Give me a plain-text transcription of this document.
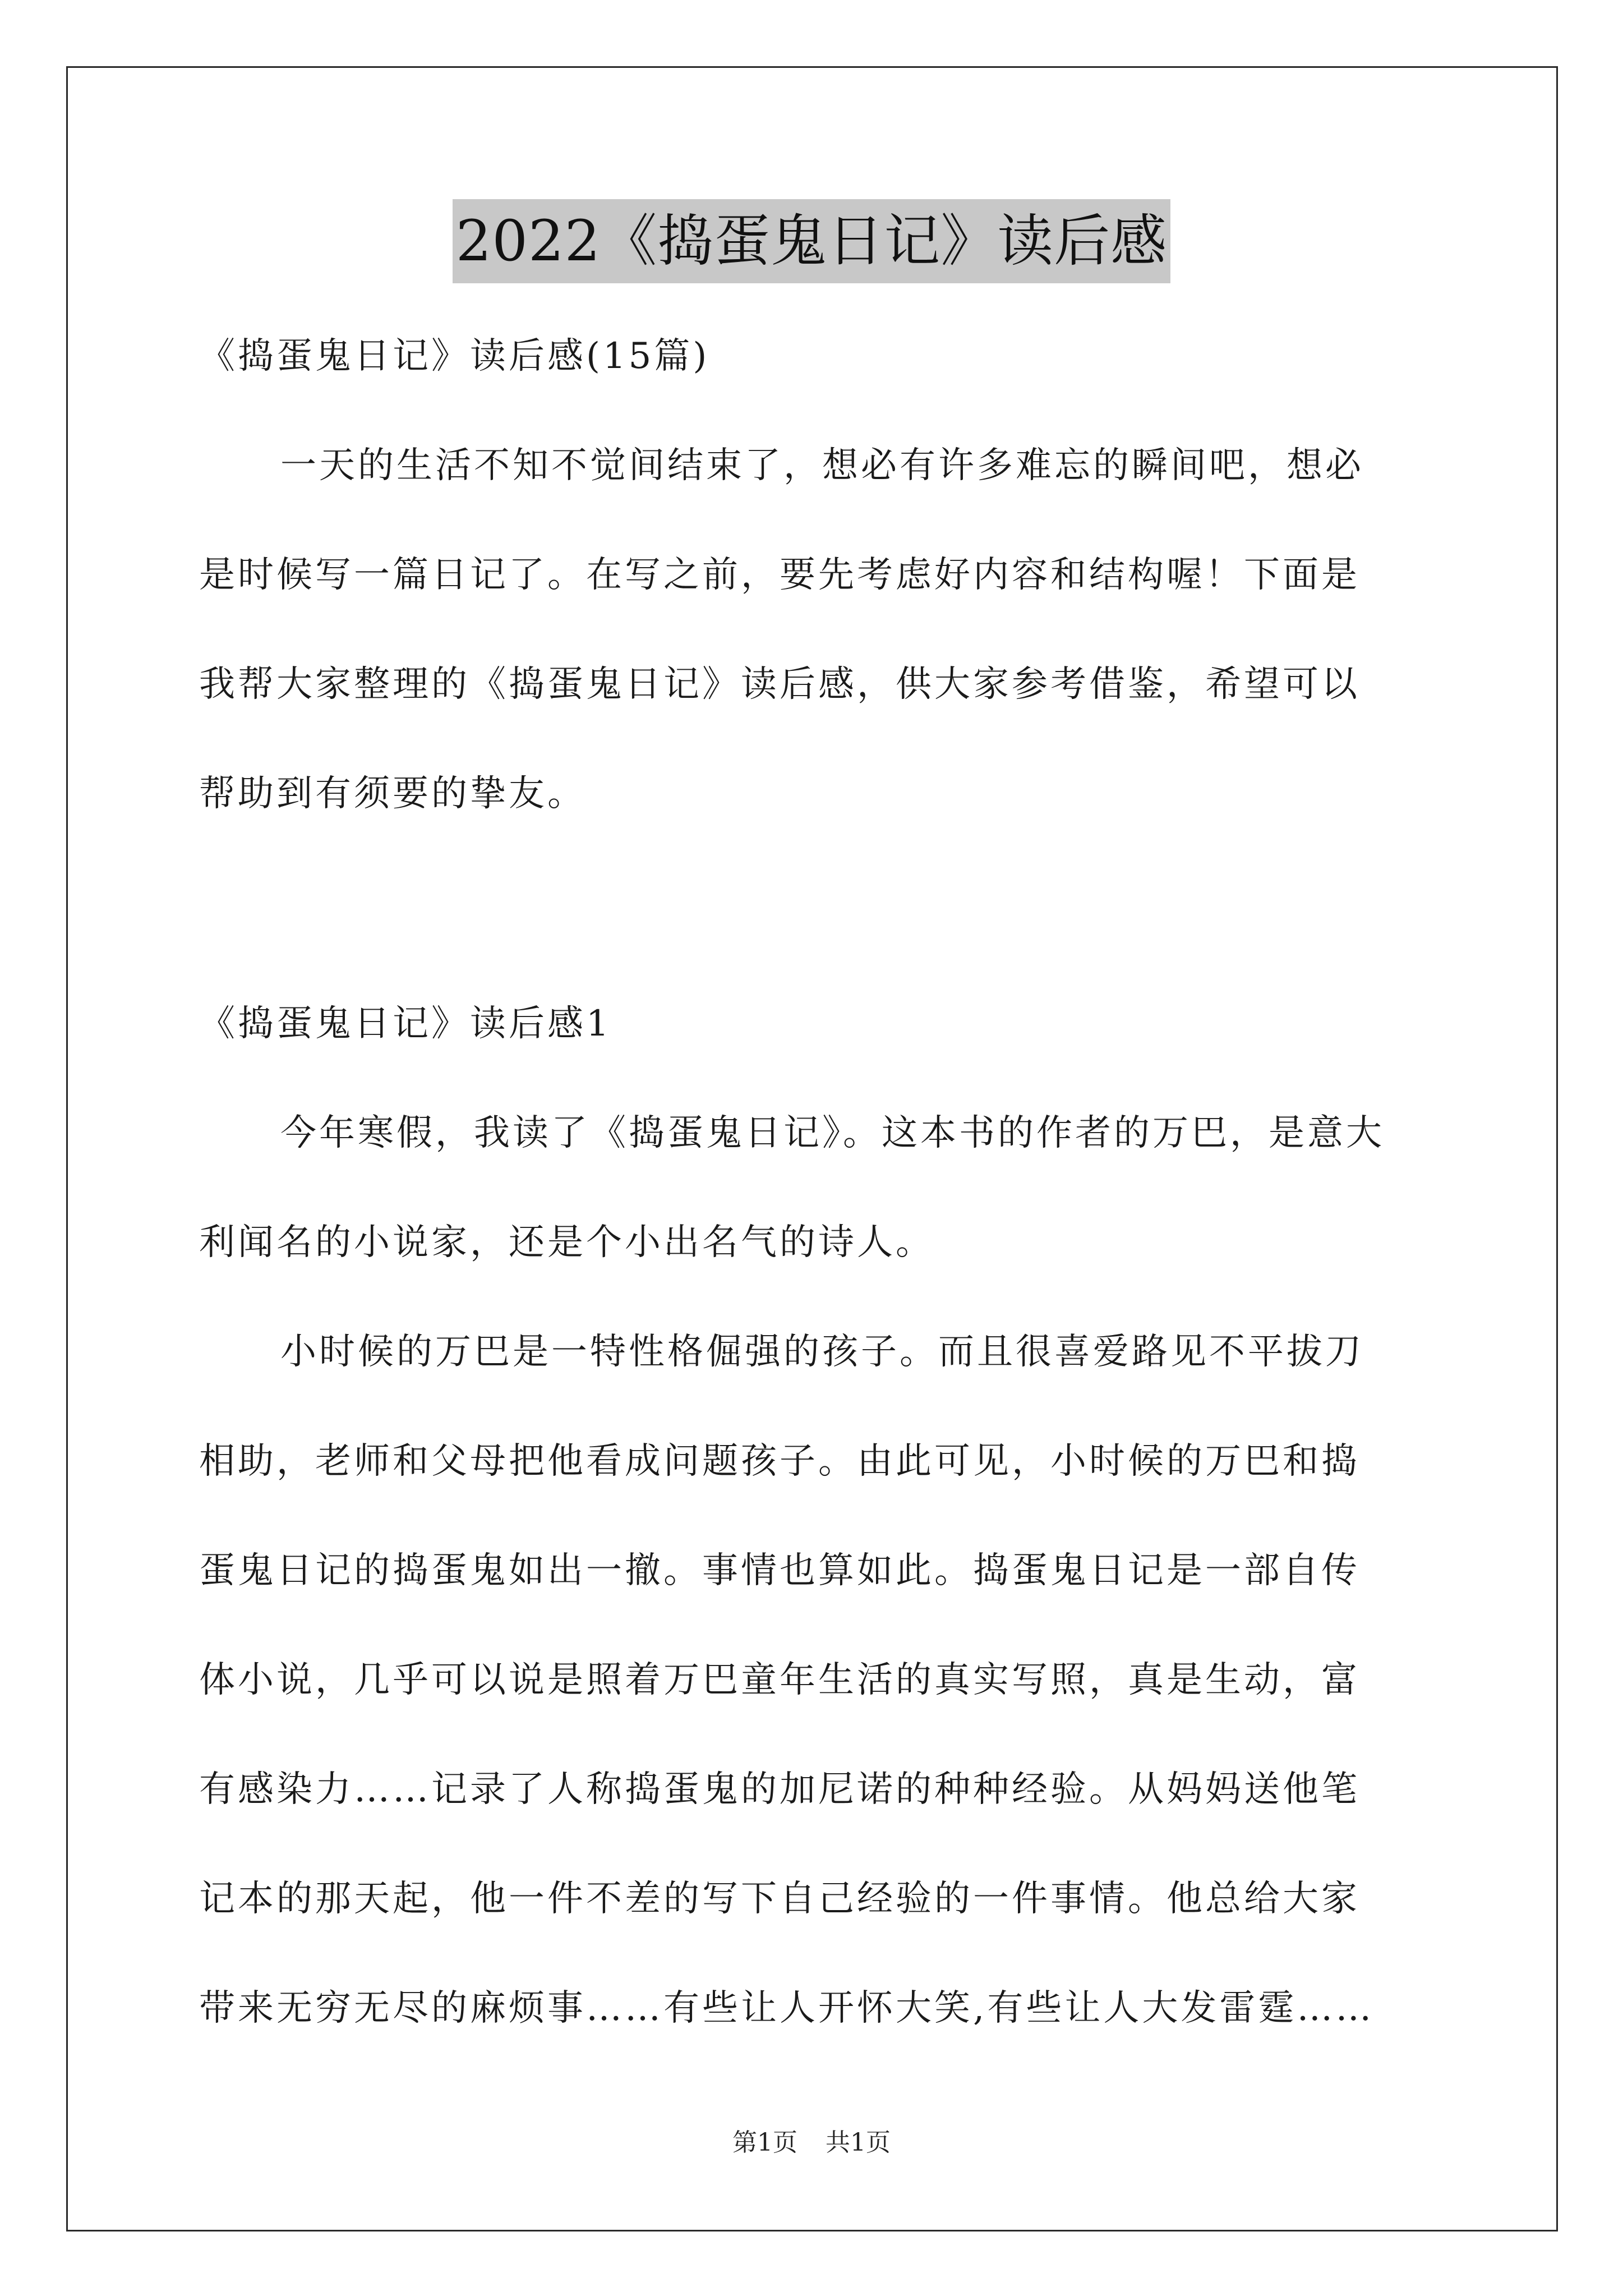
2022《捣蛋鬼日记》读后感
《捣蛋鬼日记》读后感(15篇)
一天的生活不知不觉间结束了，想必有许多难忘的瞬间吧，想必
是时候写一篇日记了。在写之前，要先考虑好内容和结构喔！下面是
我帮大家整理的《捣蛋鬼日记》读后感，供大家参考借鉴，希望可以
帮助到有须要的挚友。
《捣蛋鬼日记》读后感1
今年寒假，我读了《捣蛋鬼日记》。这本书的作者的万巴，是意大
利闻名的小说家，还是个小出名气的诗人。
小时候的万巴是一特性格倔强的孩子。而且很喜爱路见不平拔刀
相助，老师和父母把他看成问题孩子。由此可见，小时候的万巴和捣
蛋鬼日记的捣蛋鬼如出一撤。事情也算如此。捣蛋鬼日记是一部自传
体小说，几乎可以说是照着万巴童年生活的真实写照，真是生动，富
有感染力……记录了人称捣蛋鬼的加尼诺的种种经验。从妈妈送他笔
记本的那天起，他一件不差的写下自己经验的一件事情。他总给大家
带来无穷无尽的麻烦事……有些让人开怀大笑,有些让人大发雷霆……
第1页 共1页
